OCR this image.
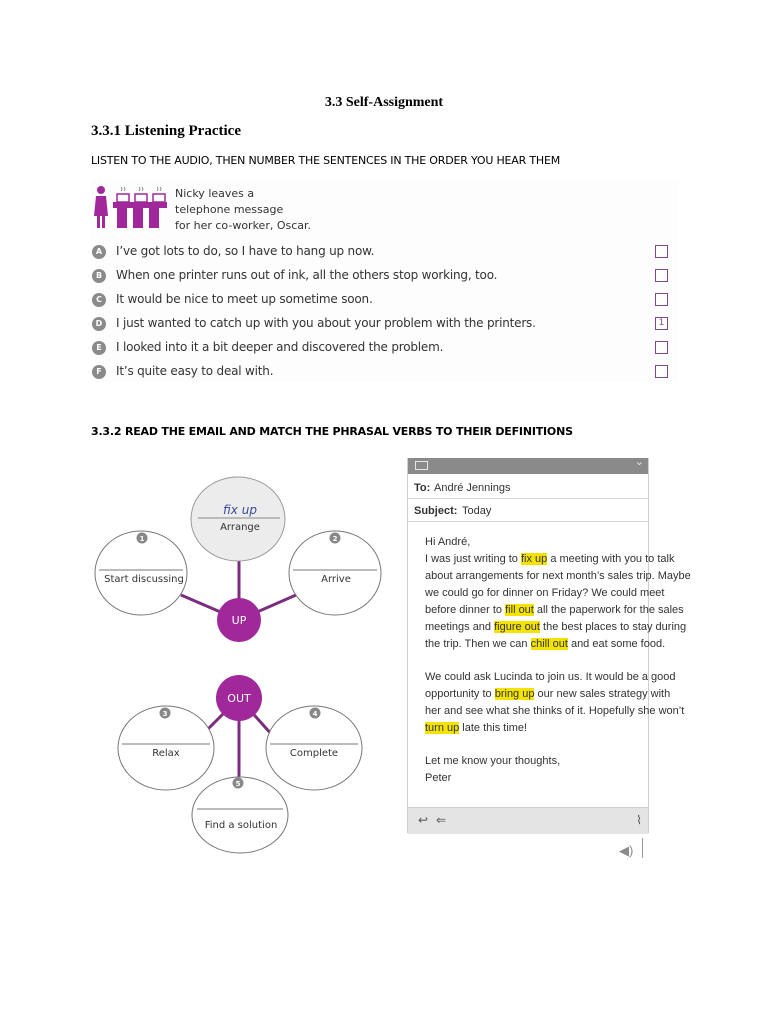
3.3 Self-Assignment
3.3.1 Listening Practice
LISTEN TO THE AUDIO, THEN NUMBER THE SENTENCES IN THE ORDER YOU HEAR THEM
Nicky leaves a
telephone message
for her co-worker, Oscar.
A	I’ve got lots to do, so I have to hang up now.
B	When one printer runs out of ink, all the others stop working, too.
C	It would be nice to meet up sometime soon.
D	I just wanted to catch up with you about your problem with the printers.	1
E	I looked into it a bit deeper and discovered the problem.
F	It’s quite easy to deal with.
3.3.2 READ THE EMAIL AND MATCH THE PHRASAL VERBS TO THEIR DEFINITIONS
fix up
Arrange
1
Start discussing
2
Arrive
UP
OUT
3
Relax
4
Complete
5
Find a solution
⌄
To: André Jennings
Subject: Today
Hi André,
I was just writing to fix up a meeting with you to talk
about arrangements for next month’s sales trip. Maybe
we could go for dinner on Friday? We could meet
before dinner to fill out all the paperwork for the sales
meetings and figure out the best places to stay during
the trip. Then we can chill out and eat some food.
We could ask Lucinda to join us. It would be a good
opportunity to bring up our new sales strategy with
her and see what she thinks of it. Hopefully she won’t
turn up late this time!
Let me know your thoughts,
Peter
↩ ⇐	⌇
◀)
